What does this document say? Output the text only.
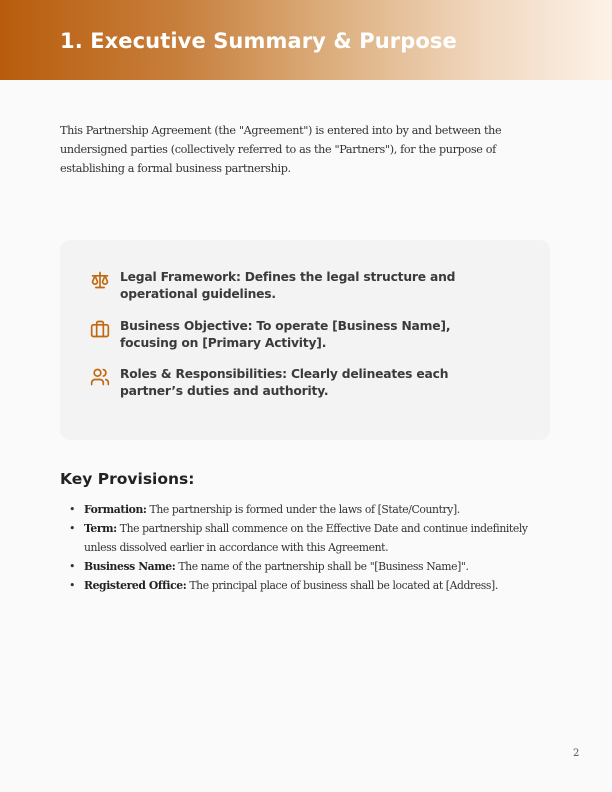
1. Executive Summary & Purpose

This Partnership Agreement (the "Agreement") is entered into by and between the undersigned parties (collectively referred to as the "Partners"), for the purpose of establishing a formal business partnership.

Legal Framework: Defines the legal structure and operational guidelines.
Business Objective: To operate [Business Name], focusing on [Primary Activity].
Roles & Responsibilities: Clearly delineates each partner’s duties and authority.
Key Provisions:
• Formation: The partnership is formed under the laws of [State/Country].
• Term: The partnership shall commence on the Effective Date and continue indefinitely unless dissolved earlier in accordance with this Agreement.
• Business Name: The name of the partnership shall be "[Business Name]".
• Registered Office: The principal place of business shall be located at [Address].
2
